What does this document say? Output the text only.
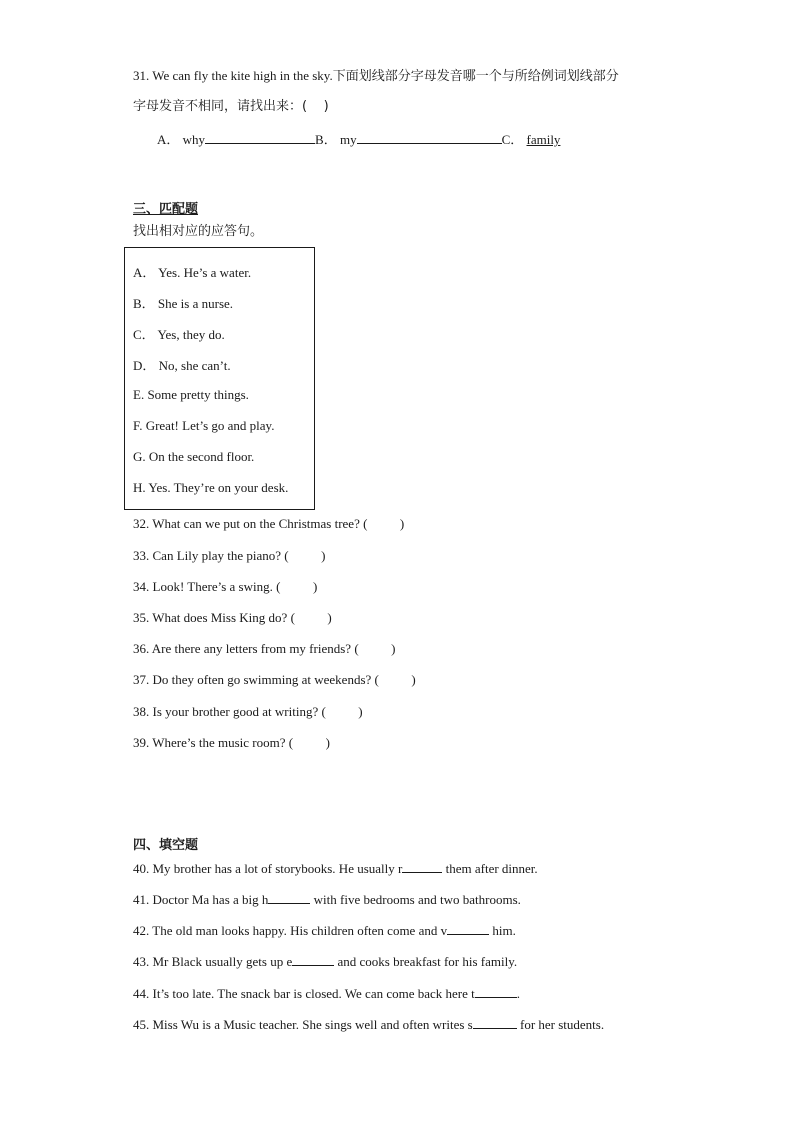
31. We can fly the kite high in the sky.下面划线部分字母发音哪一个与所给例词划线部分
字母发音不相同，请找出来：(    )
A． why	B． my	C． family
三、匹配题
找出相对应的应答句。
A． Yes. He’s a water.
B． She is a nurse.
C． Yes, they do.
D． No, she can’t.
E. Some pretty things.
F. Great! Let’s go and play.
G. On the second floor.
H. Yes. They’re on your desk.
32. What can we put on the Christmas tree? (          )
33. Can Lily play the piano? (          )
34. Look! There’s a swing. (          )
35. What does Miss King do? (          )
36. Are there any letters from my friends? (          )
37. Do they often go swimming at weekends? (          )
38. Is your brother good at writing? (          )
39. Where’s the music room? (          )
四、填空题
40. My brother has a lot of storybooks. He usually r	them after dinner.
41. Doctor Ma has a big h	with five bedrooms and two bathrooms.
42. The old man looks happy. His children often come and v	him.
43. Mr Black usually gets up e	and cooks breakfast for his family.
44. It’s too late. The snack bar is closed. We can come back here t	.
45. Miss Wu is a Music teacher. She sings well and often writes s	for her students.
